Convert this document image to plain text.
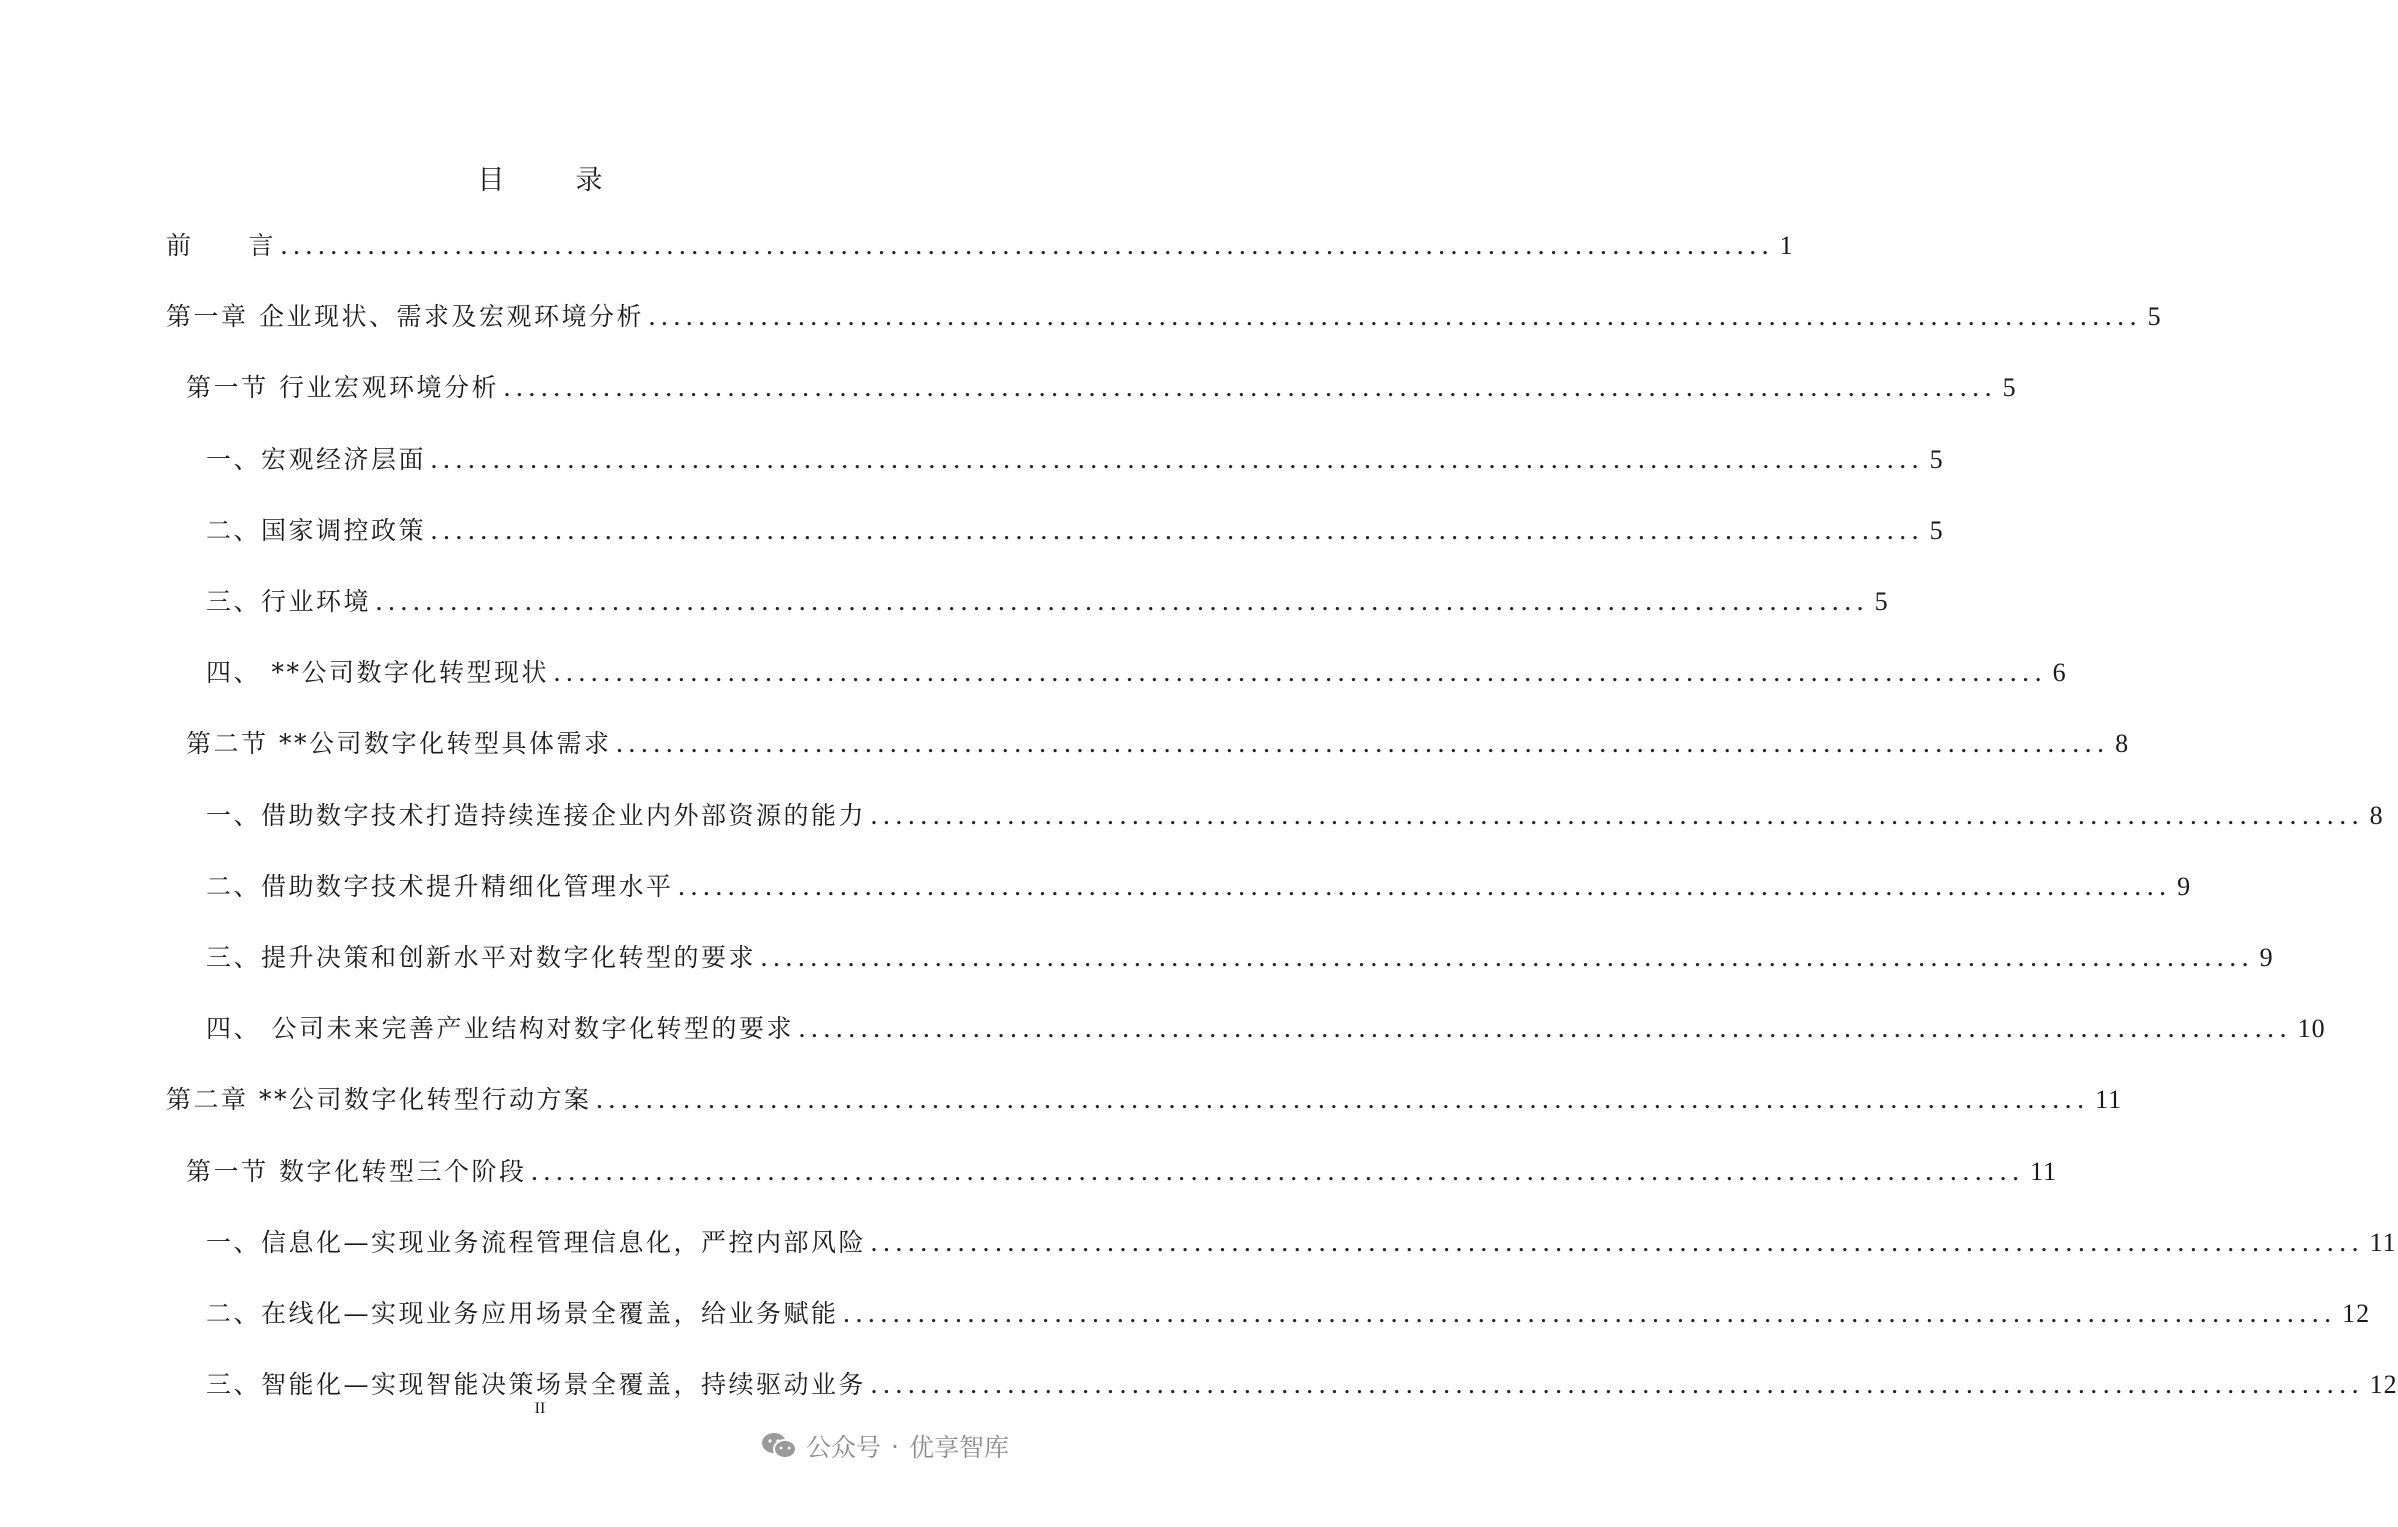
目　录
前　　言 ........................................................................................................................ 1
第一章 企业现状、需求及宏观环境分析 ........................................................................................................................ 5
第一节 行业宏观环境分析 ........................................................................................................................ 5
一、宏观经济层面 ........................................................................................................................ 5
二、国家调控政策 ........................................................................................................................ 5
三、行业环境 ........................................................................................................................ 5
四、 **公司数字化转型现状 ........................................................................................................................ 6
第二节 **公司数字化转型具体需求 ........................................................................................................................ 8
一、借助数字技术打造持续连接企业内外部资源的能力 ........................................................................................................................ 8
二、借助数字技术提升精细化管理水平 ........................................................................................................................ 9
三、提升决策和创新水平对数字化转型的要求 ........................................................................................................................ 9
四、 公司未来完善产业结构对数字化转型的要求 ........................................................................................................................ 10
第二章 **公司数字化转型行动方案 ........................................................................................................................ 11
第一节 数字化转型三个阶段 ........................................................................................................................ 11
一、信息化—实现业务流程管理信息化，严控内部风险 ........................................................................................................................ 11
二、在线化—实现业务应用场景全覆盖，给业务赋能 ........................................................................................................................ 12
三、智能化—实现智能决策场景全覆盖，持续驱动业务 ........................................................................................................................ 12
II
公众号 · 优享智库
